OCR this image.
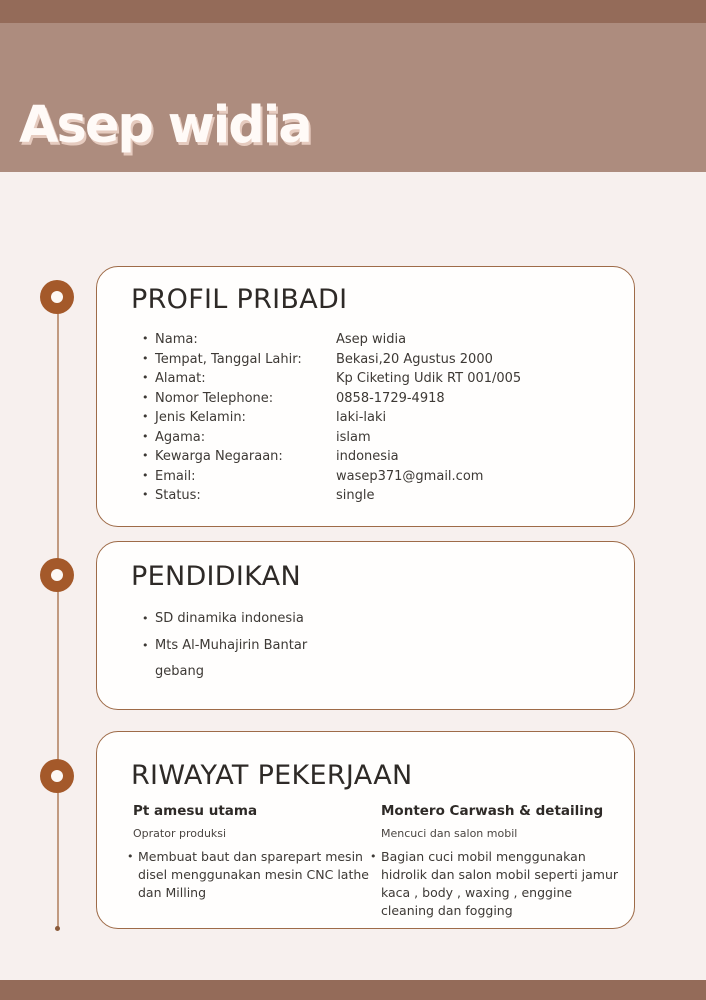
Asep widia
PROFIL PRIBADI
• Nama:	Asep widia
• Tempat, Tanggal Lahir:	Bekasi,20 Agustus 2000
• Alamat:	Kp Ciketing Udik RT 001/005
• Nomor Telephone:	0858-1729-4918
• Jenis Kelamin:	laki-laki
• Agama:	islam
• Kewarga Negaraan:	indonesia
• Email:	wasep371@gmail.com
• Status:	single
PENDIDIKAN
• SD dinamika indonesia
• Mts Al-Muhajirin Bantar gebang
RIWAYAT PEKERJAAN
Pt amesu utama
Oprator produksi
• Membuat baut dan sparepart mesin disel menggunakan mesin CNC lathe dan Milling
Montero Carwash & detailing
Mencuci dan salon mobil
• Bagian cuci mobil menggunakan hidrolik dan salon mobil seperti jamur kaca , body , waxing , enggine cleaning dan fogging
